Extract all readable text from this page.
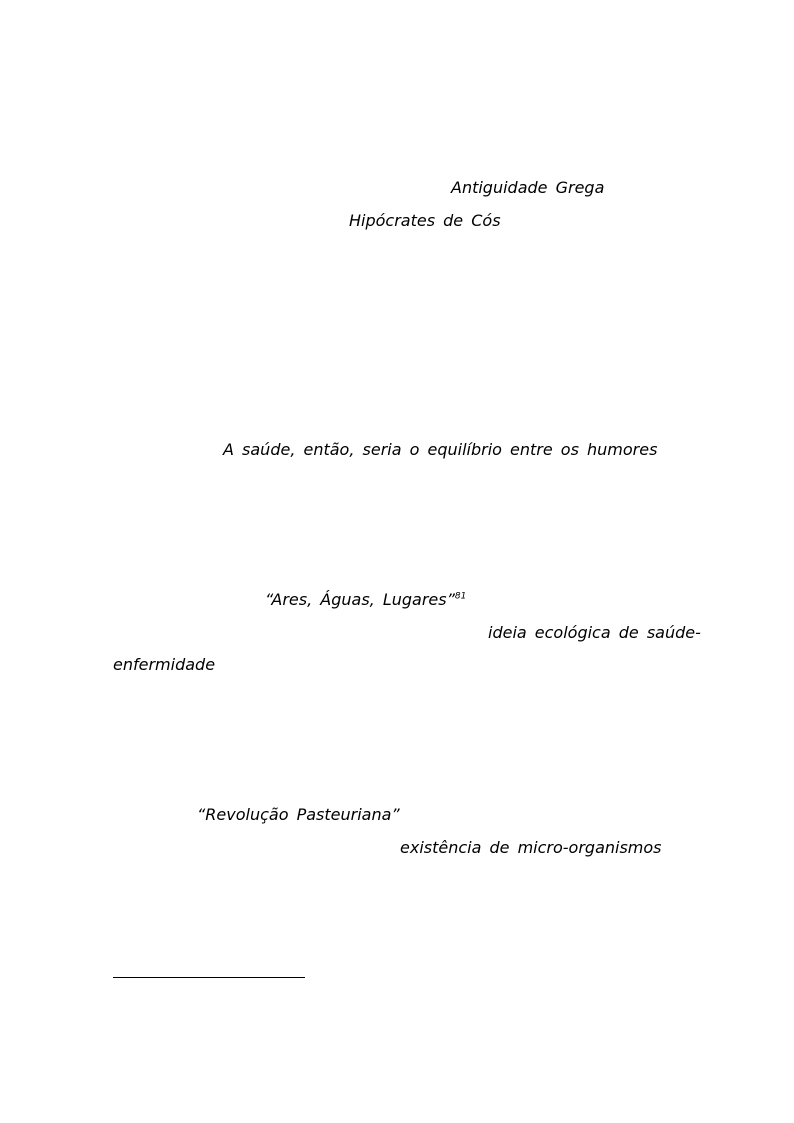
Antiguidade Grega
Hipócrates de Cós
A saúde, então, seria o equilíbrio entre os humores
“Ares, Águas, Lugares”$^{81}$
ideia ecológica de saúde-
enfermidade
“Revolução Pasteuriana”
existência de micro-organismos
